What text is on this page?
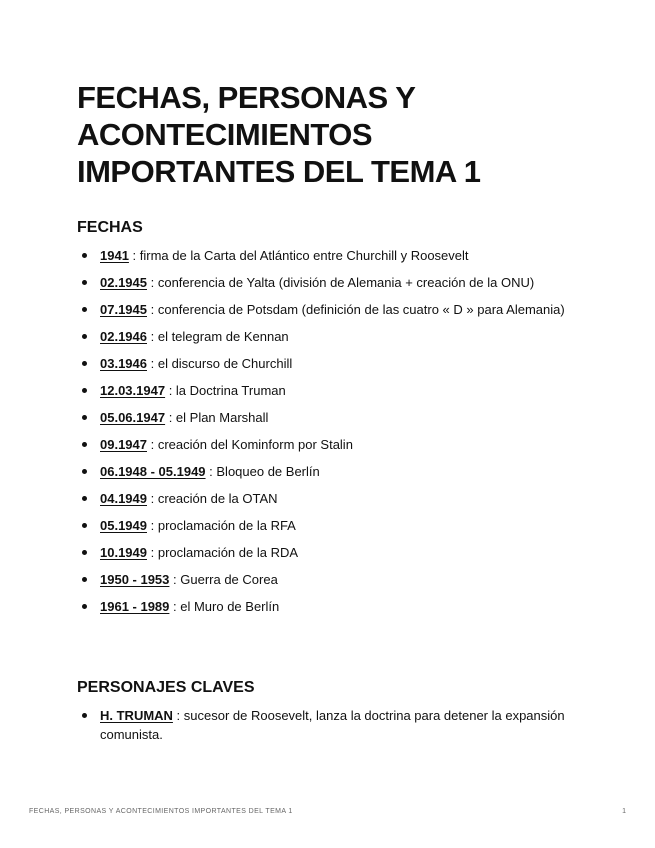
FECHAS, PERSONAS Y ACONTECIMIENTOS IMPORTANTES DEL TEMA 1
FECHAS
1941 : firma de la Carta del Atlántico entre Churchill y Roosevelt
02.1945 : conferencia de Yalta (división de Alemania + creación de la ONU)
07.1945 : conferencia de Potsdam (definición de las cuatro « D » para Alemania)
02.1946 : el telegram de Kennan
03.1946 : el discurso de Churchill
12.03.1947 : la Doctrina Truman
05.06.1947 : el Plan Marshall
09.1947 : creación del Kominform por Stalin
06.1948 - 05.1949 : Bloqueo de Berlín
04.1949 : creación de la OTAN
05.1949 : proclamación de la RFA
10.1949 : proclamación de la RDA
1950 - 1953 : Guerra de Corea
1961 - 1989 : el Muro de Berlín
PERSONAJES CLAVES
H. TRUMAN : sucesor de Roosevelt, lanza la doctrina para detener la expansión comunista.
FECHAS, PERSONAS Y ACONTECIMIENTOS IMPORTANTES DEL TEMA 1	1
